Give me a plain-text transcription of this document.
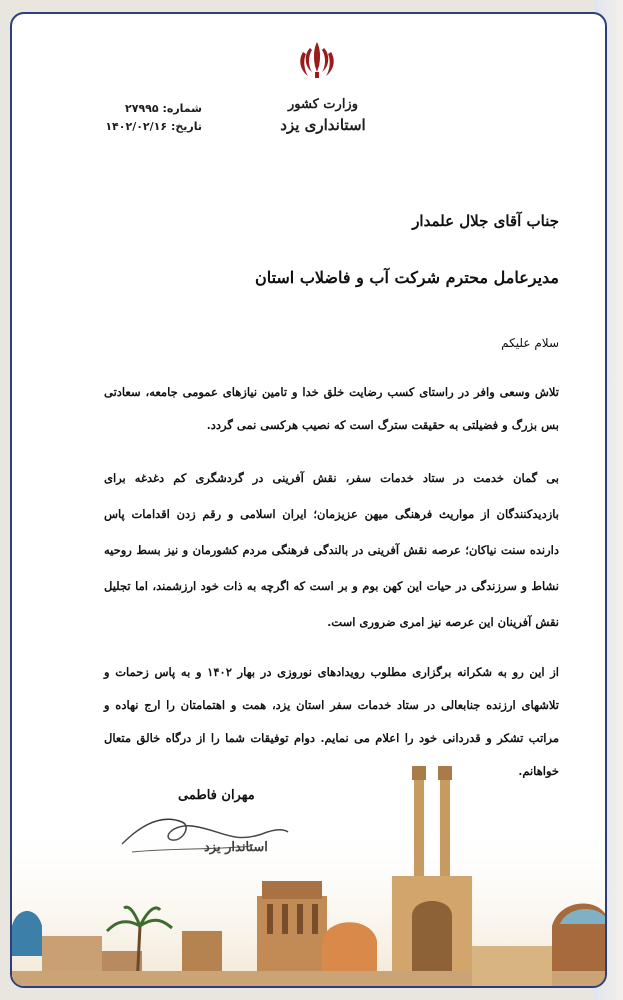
وزارت کشور
استانداری یزد
شماره: ۲۷۹۹۵
تاریخ: ۱۴۰۲/۰۲/۱۶
جناب آقای جلال علمدار
مدیرعامل محترم شرکت آب و فاضلاب استان
سلام علیکم

تلاش وسعی وافر در راستای کسب رضایت خلق خدا و تامین نیازهای عمومی جامعه، سعادتی بس بزرگ و فضیلتی به حقیقت سترگ است که نصیب هرکسی نمی گردد.

بی گمان خدمت در ستاد خدمات سفر، نقش آفرینی در گردشگری کم دغدغه برای بازدیدکنندگان از مواریث فرهنگی میهن عزیزمان؛ ایران اسلامی و رقم زدن اقدامات پاس دارنده سنت نیاکان؛ عرصه نقش آفرینی در بالندگی فرهنگی مردم کشورمان و نیز بسط روحیه نشاط و سرزندگی در حیات این کهن بوم و بر است که اگرچه به ذات خود ارزشمند، اما تجلیل نقش آفرینان این عرصه نیز امری ضروری است.

از این رو به شکرانه برگزاری مطلوب رویدادهای نوروزی در بهار ۱۴۰۲ و به پاس زحمات و تلاشهای ارزنده جنابعالی در ستاد خدمات سفر استان یزد، همت و اهتمامتان را ارج نهاده و مراتب تشکر و قدردانی خود را اعلام می نمایم. دوام توفیقات شما را از درگاه خالق متعال خواهانم.

مهران فاطمی
